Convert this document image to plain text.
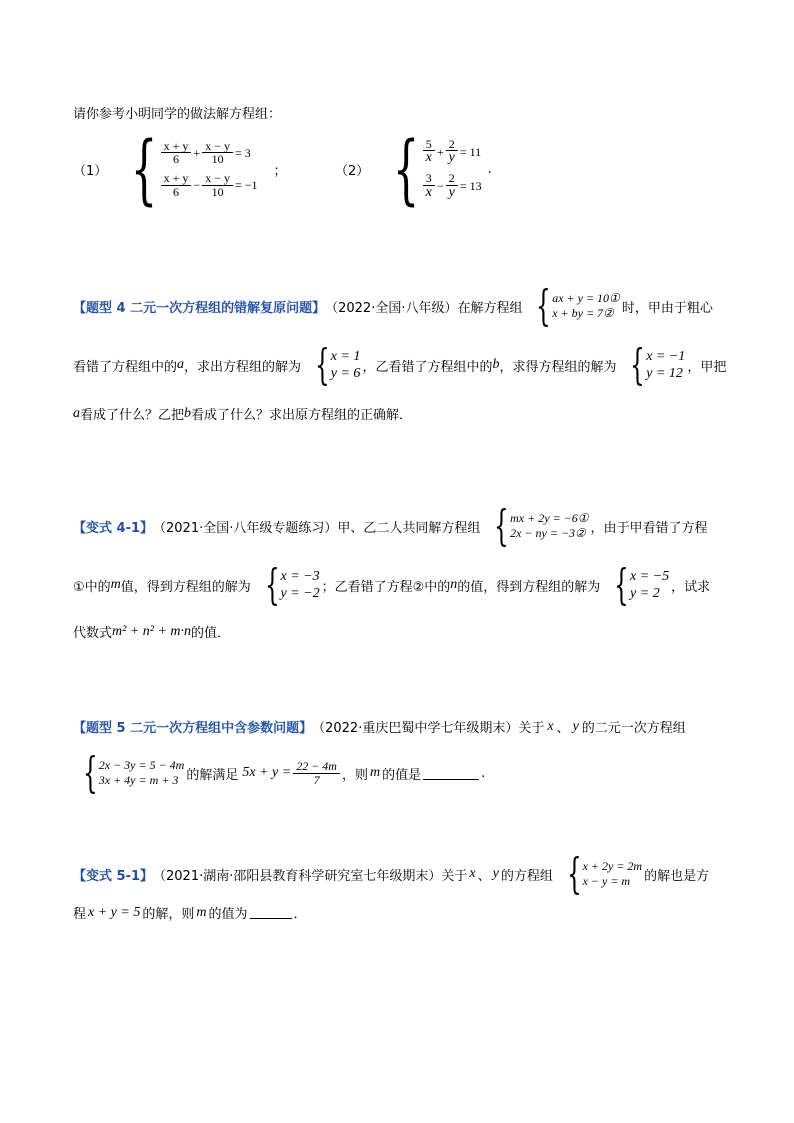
请你参考小明同学的做法解方程组：
（1） { $\frac{x + y}{6} + \frac{x - y}{10} = 3$
$\frac{x + y}{6} - \frac{x - y}{10} = -1$
；	（2） { $\frac{5}{x} + \frac{2}{y} = 11$
$\frac{3}{x} - \frac{2}{y} = 13$
.
【题型 4 二元一次方程组的错解复原问题】 （2022·全国·八年级）在解方程组 { ax + y = 10①
x + by = 7② 时，甲由于粗心
看错了方程组中的 a ，求出方程组的解为 { x = 1
y = 6 ，乙看错了方程组中的 b ，求得方程组的解为 { x = −1
y = 12 ，甲把
a 看成了什么？乙把 b 看成了什么？求出原方程组的正确解．
【变式 4-1】 （2021·全国·八年级专题练习）甲、乙二人共同解方程组 { mx + 2y = −6①
2x − ny = −3② ，由于甲看错了方程
①中的 m 值，得到方程组的解为 { x = −3
y = −2 ；乙看错了方程②中的 n 的值，得到方程组的解为 { x = −5
y = 2 ，试求
代数式 m² + n² + m·n 的值．
【题型 5 二元一次方程组中含参数问题】 （2022·重庆巴蜀中学七年级期末）关于 x 、 y 的二元一次方程组
{ 2x − 3y = 5 − 4m
3x + 4y = m + 3 的解满足 $5x + y = \frac{22 - 4m}{7}$ ，则 m 的值是	.
【变式 5-1】 （2021·湖南·邵阳县教育科学研究室七年级期末）关于 x 、 y 的方程组 { x + 2y = 2m
x − y = m	的解也是方
程 x + y = 5 的解，则 m 的值为	．
